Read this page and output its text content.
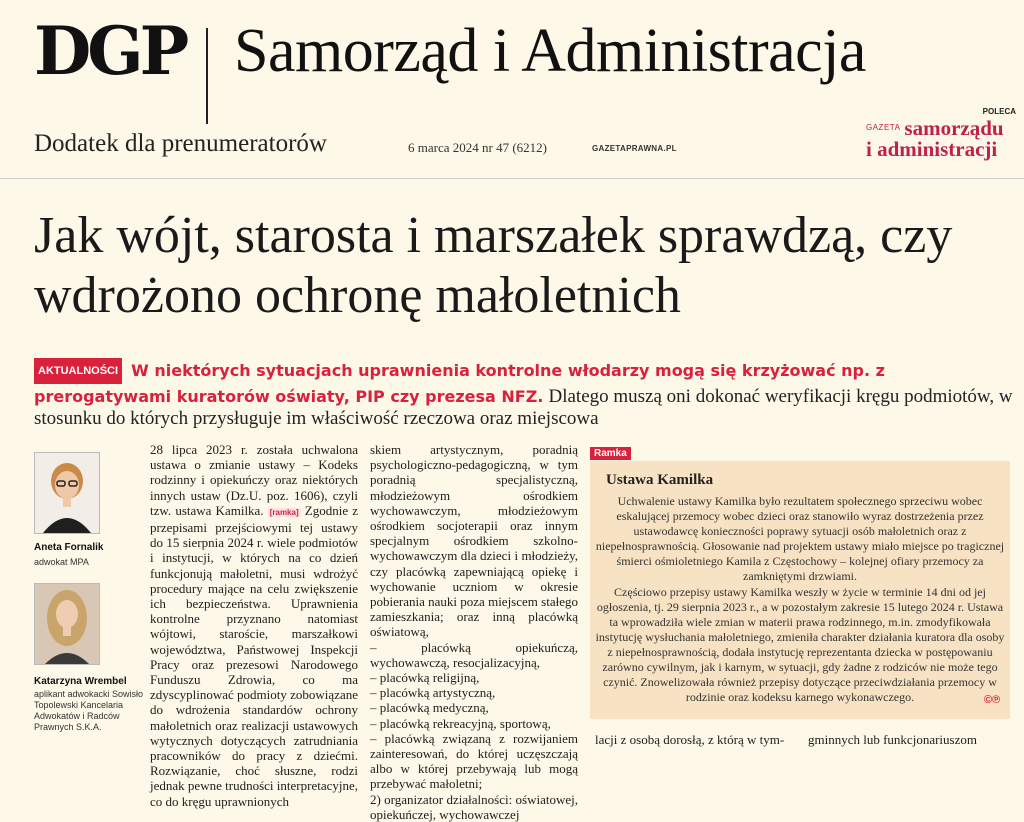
DGP Samorząd i Administracja
Dodatek dla prenumeratorów	6 marca 2024 nr 47 (6212)	GAZETAPRAWNA.PL
POLECA
$^{GAZETA}$ samorządu
i administracji
Jak wójt, starosta i marszałek sprawdzą, czy wdrożono ochronę małoletnich
AKTUALNOŚCI W niektórych sytuacjach uprawnienia kontrolne włodarzy mogą się krzyżować np. z prerogatywami kuratorów oświaty, PIP czy prezesa NFZ. Dlatego muszą oni dokonać weryfikacji kręgu podmiotów, w stosunku do których przysługuje im właściwość rzeczowa oraz miejscowa
Aneta Fornalik
adwokat MPA
Katarzyna Wrembel
aplikant adwokacki Sowisło Topolewski Kancelaria Adwokatów i Radców Prawnych S.K.A.
28 lipca 2023 r. została uchwalona ustawa o zmianie ustawy – Kodeks rodzinny i opiekuńczy oraz niektórych innych ustaw (Dz.U. poz. 1606), czyli tzw. ustawa Kamilka. [ramka] Zgodnie z przepisami przejściowymi tej ustawy do 15 sierpnia 2024 r. wiele podmiotów i instytucji, w których na co dzień funkcjonują małoletni, musi wdrożyć procedury mające na celu zwiększenie ich bezpieczeństwa. Uprawnienia kontrolne przyznano natomiast wójtowi, staroście, marszałkowi województwa, Państwowej Inspekcji Pracy oraz prezesowi Narodowego Funduszu Zdrowia, co ma zdyscyplinować podmioty zobowiązane do wdrożenia standardów ochrony małoletnich oraz realizacji ustawowych wytycznych dotyczących zatrudniania pracowników do pracy z dziećmi. Rozwiązanie, choć słuszne, rodzi jednak pewne trudności interpretacyjne, co do kręgu uprawnionych
skiem artystycznym, poradnią psychologiczno-pedagogiczną, w tym poradnią specjalistyczną, młodzieżowym ośrodkiem wychowawczym, młodzieżowym ośrodkiem socjoterapii oraz innym specjalnym ośrodkiem szkolno-wychowawczym dla dzieci i młodzieży, czy placówką zapewniającą opiekę i wychowanie uczniom w okresie pobierania nauki poza miejscem stałego zamieszkania; oraz inną placówką oświatową,
– placówką opiekuńczą, wychowawczą, resocjalizacyjną,
– placówką religijną,
– placówką artystyczną,
– placówką medyczną,
– placówką rekreacyjną, sportową,
– placówką związaną z rozwijaniem zainteresowań, do której uczęszczają albo w której przebywają lub mogą przebywać małoletni;
2) organizator działalności: oświatowej, opiekuńczej, wychowawczej
Ramka
Ustawa Kamilka

Uchwalenie ustawy Kamilka było rezultatem społecznego sprzeciwu wobec eskalującej przemocy wobec dzieci oraz stanowiło wyraz dostrzeżenia przez ustawodawcę konieczności poprawy sytuacji osób małoletnich oraz z niepełnosprawnością. Głosowanie nad projektem ustawy miało miejsce po tragicznej śmierci ośmioletniego Kamila z Częstochowy – kolejnej ofiary przemocy za zamkniętymi drzwiami.

Częściowo przepisy ustawy Kamilka weszły w życie w terminie 14 dni od jej ogłoszenia, tj. 29 sierpnia 2023 r., a w pozostałym zakresie 15 lutego 2024 r. Ustawa ta wprowadziła wiele zmian w materii prawa rodzinnego, m.in. zmodyfikowała instytucję wysłuchania małoletniego, zmieniła charakter działania kuratora dla osoby z niepełnosprawnością, dodała instytucję reprezentanta dziecka w postępowaniu zarówno cywilnym, jak i karnym, w sytuacji, gdy żadne z rodziców nie może tego czynić. Znowelizowała również przepisy dotyczące przeciwdziałania przemocy w rodzinie oraz kodeksu karnego wykonawczego.	©℗
lacji z osobą dorosłą, z którą w tym- gminnych lub funkcjonariuszom
